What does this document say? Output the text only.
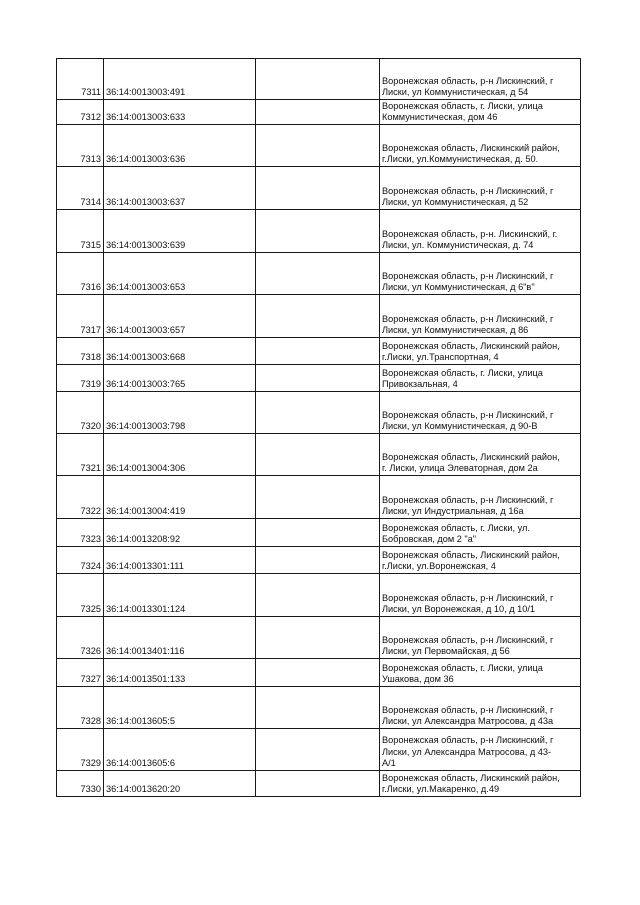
7311	36:14:0013003:491		Воронежская область, р-н Лискинский, г
Лиски, ул Коммунистическая, д 54

7312	36:14:0013003:633		Воронежская область, г. Лиски, улица
Коммунистическая, дом 46

7313	36:14:0013003:636		Воронежская область, Лискинский район,
г.Лиски, ул.Коммунистическая, д. 50.

7314	36:14:0013003:637		Воронежская область, р-н Лискинский, г
Лиски, ул Коммунистическая, д 52

7315	36:14:0013003:639		Воронежская область, р-н. Лискинский, г.
Лиски, ул. Коммунистическая, д. 74

7316	36:14:0013003:653		Воронежская область, р-н Лискинский, г
Лиски, ул Коммунистическая, д 6"в"

7317	36:14:0013003:657		Воронежская область, р-н Лискинский, г
Лиски, ул Коммунистическая, д 86

7318	36:14:0013003:668		Воронежская область, Лискинский район,
г.Лиски, ул.Транспортная, 4

7319	36:14:0013003:765		Воронежская область, г. Лиски, улица
Привокзальная, 4

7320	36:14:0013003:798		Воронежская область, р-н Лискинский, г
Лиски, ул Коммунистическая, д 90-В

7321	36:14:0013004:306		Воронежская область, Лискинский район,
г. Лиски, улица Элеваторная, дом 2а

7322	36:14:0013004:419		Воронежская область, р-н Лискинский, г
Лиски, ул Индустриальная, д 16а

7323	36:14:0013208:92		Воронежская область, г. Лиски, ул.
Бобровская, дом 2 "а"

7324	36:14:0013301:111		Воронежская область, Лискинский район,
г.Лиски, ул.Воронежская, 4

7325	36:14:0013301:124		Воронежская область, р-н Лискинский, г
Лиски, ул Воронежская, д 10, д 10/1

7326	36:14:0013401:116		Воронежская область, р-н Лискинский, г
Лиски, ул Первомайская, д 56

7327	36:14:0013501:133		Воронежская область, г. Лиски, улица
Ушакова, дом 36

7328	36:14:0013605:5		Воронежская область, р-н Лискинский, г
Лиски, ул Александра Матросова, д 43а

7329	36:14:0013605:6		Воронежская область, р-н Лискинский, г
Лиски, ул Александра Матросова, д 43-
А/1

7330	36:14:0013620:20		Воронежская область, Лискинский район,
г.Лиски, ул.Макаренко, д.49
